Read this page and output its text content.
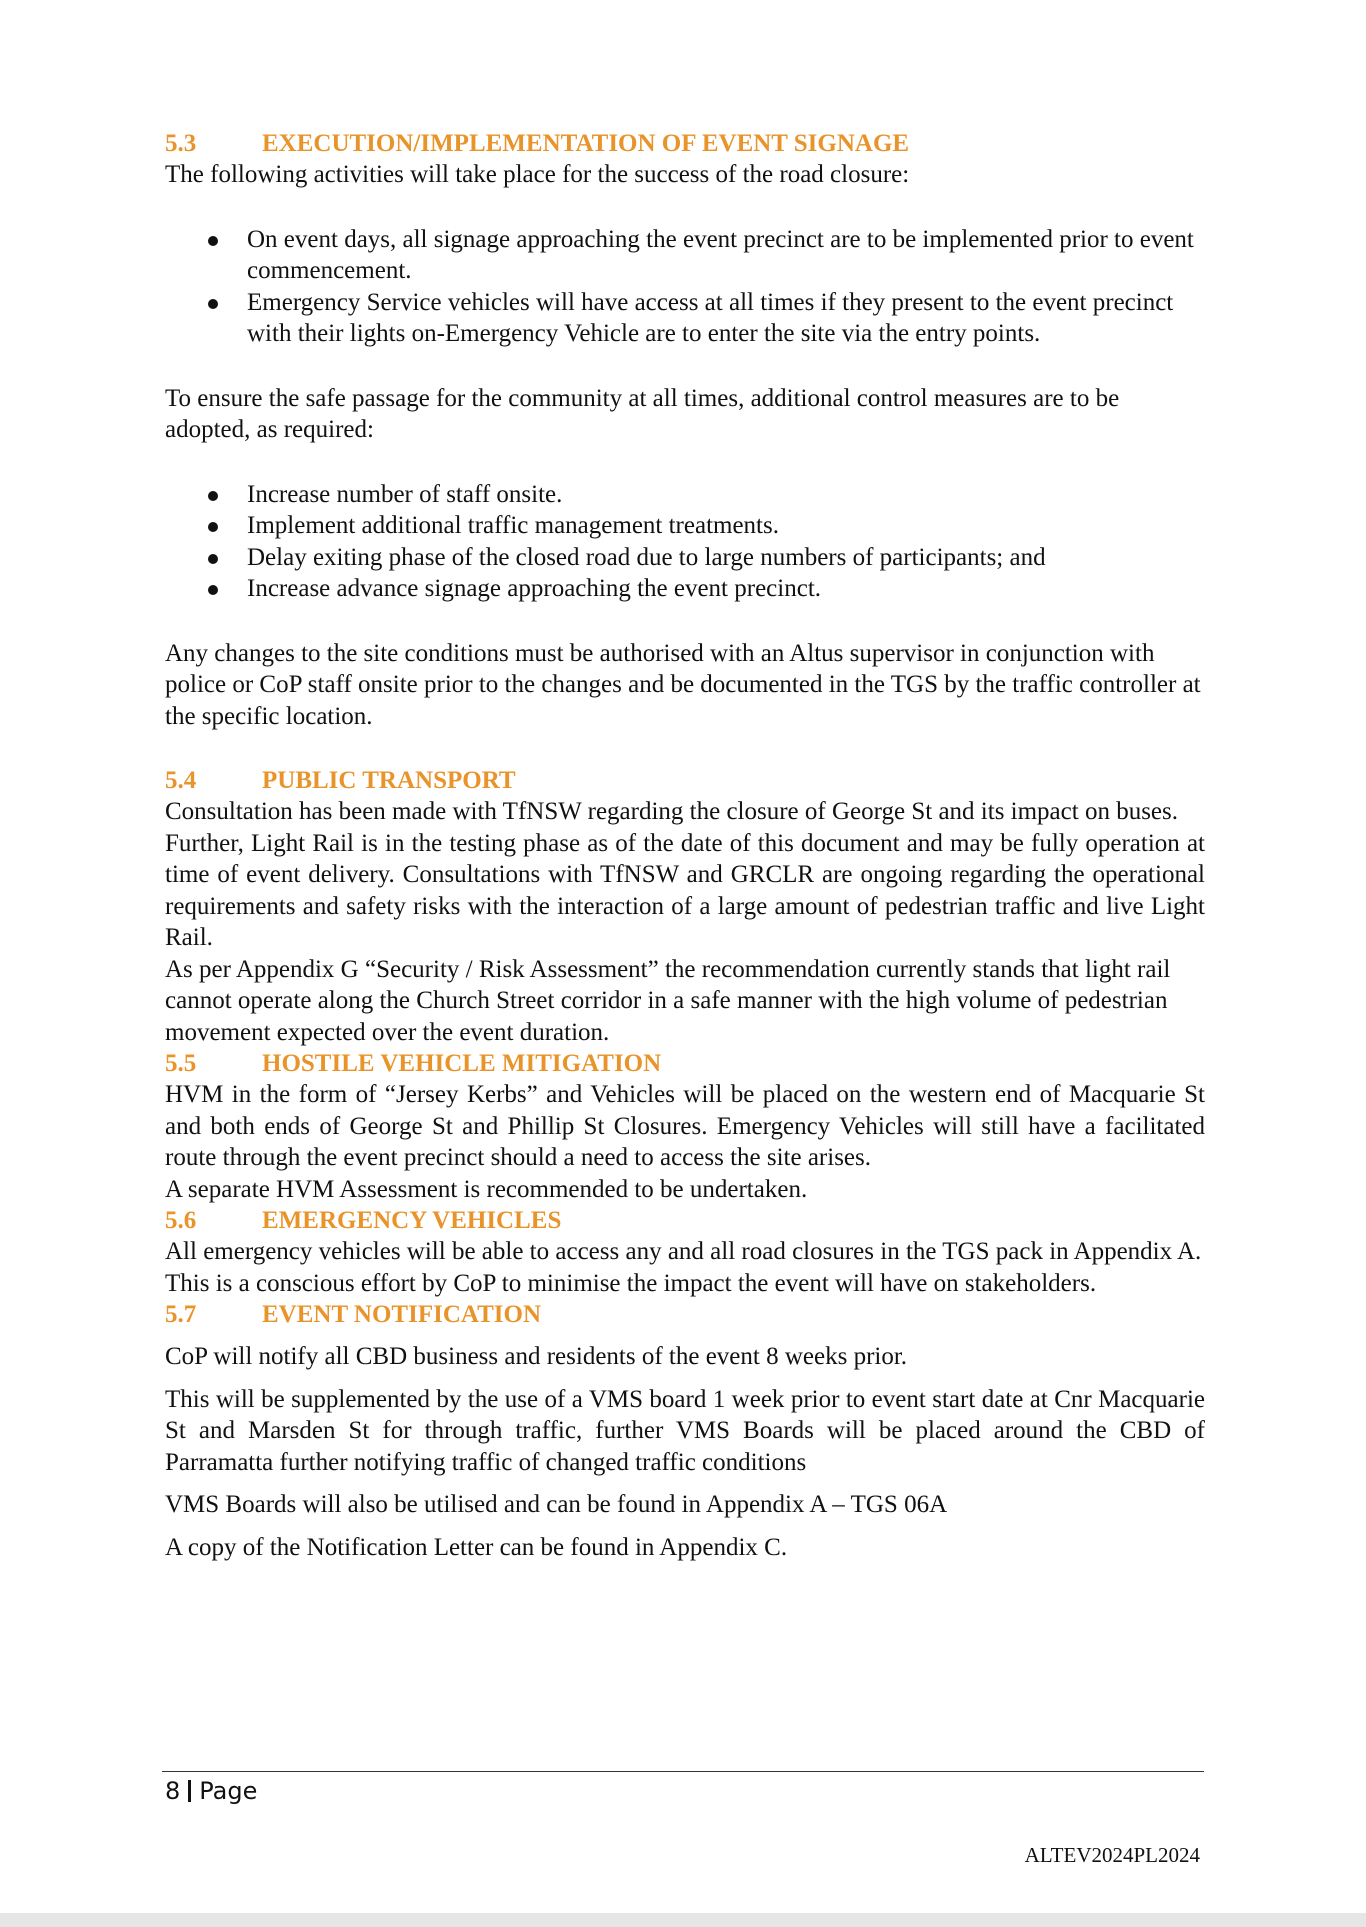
5.3	EXECUTION/IMPLEMENTATION OF EVENT SIGNAGE

The following activities will take place for the success of the road closure:

On event days, all signage approaching the event precinct are to be implemented prior to event commencement.
Emergency Service vehicles will have access at all times if they present to the event precinct with their lights on-Emergency Vehicle are to enter the site via the entry points.

To ensure the safe passage for the community at all times, additional control measures are to be adopted, as required:

Increase number of staff onsite.
Implement additional traffic management treatments.
Delay exiting phase of the closed road due to large numbers of participants; and
Increase advance signage approaching the event precinct.

Any changes to the site conditions must be authorised with an Altus supervisor in conjunction with police or CoP staff onsite prior to the changes and be documented in the TGS by the traffic controller at the specific location.

5.4	PUBLIC TRANSPORT

Consultation has been made with TfNSW regarding the closure of George St and its impact on buses.

Further, Light Rail is in the testing phase as of the date of this document and may be fully operation at time of event delivery. Consultations with TfNSW and GRCLR are ongoing regarding the operational requirements and safety risks with the interaction of a large amount of pedestrian traffic and live Light Rail.

As per Appendix G “Security / Risk Assessment” the recommendation currently stands that light rail cannot operate along the Church Street corridor in a safe manner with the high volume of pedestrian movement expected over the event duration.

5.5	HOSTILE VEHICLE MITIGATION

HVM in the form of “Jersey Kerbs” and Vehicles will be placed on the western end of Macquarie St and both ends of George St and Phillip St Closures. Emergency Vehicles will still have a facilitated route through the event precinct should a need to access the site arises.

A separate HVM Assessment is recommended to be undertaken.

5.6	EMERGENCY VEHICLES

All emergency vehicles will be able to access any and all road closures in the TGS pack in Appendix A. This is a conscious effort by CoP to minimise the impact the event will have on stakeholders.

5.7	EVENT NOTIFICATION

CoP will notify all CBD business and residents of the event 8 weeks prior.

This will be supplemented by the use of a VMS board 1 week prior to event start date at Cnr Macquarie St and Marsden St for through traffic, further VMS Boards will be placed around the CBD of Parramatta further notifying traffic of changed traffic conditions

VMS Boards will also be utilised and can be found in Appendix A – TGS 06A

A copy of the Notification Letter can be found in Appendix C.

8 Page
ALTEV2024PL2024
